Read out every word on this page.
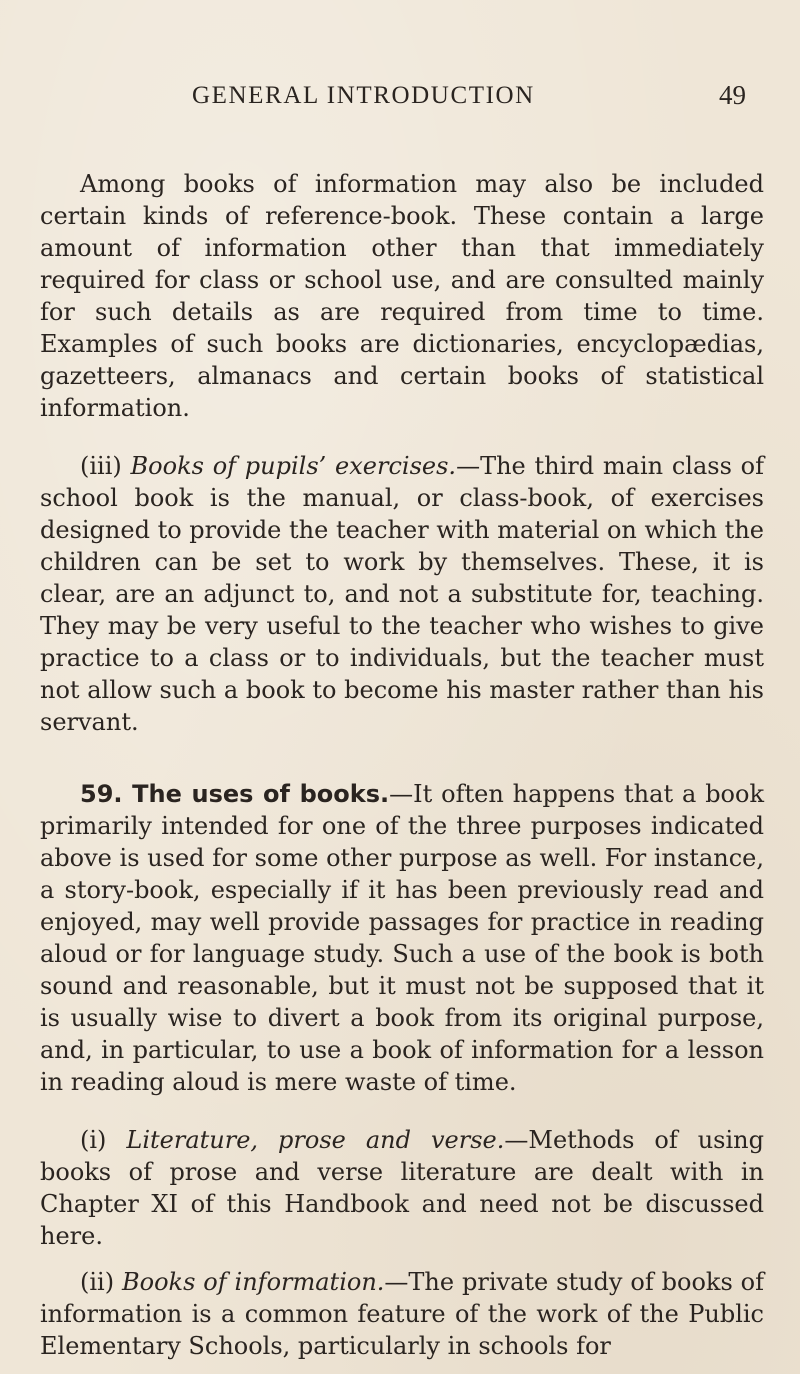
GENERAL INTRODUCTION	49

Among books of information may also be included certain kinds of reference-book. These contain a large amount of information other than that immediately required for class or school use, and are consulted mainly for such details as are required from time to time. Examples of such books are dictionaries, encyclopædias, gazetteers, almanacs and certain books of statistical information.

(iii) Books of pupils’ exercises.—The third main class of school book is the manual, or class-book, of exercises designed to provide the teacher with material on which the children can be set to work by themselves. These, it is clear, are an adjunct to, and not a substitute for, teaching. They may be very useful to the teacher who wishes to give practice to a class or to individuals, but the teacher must not allow such a book to become his master rather than his servant.

59. The uses of books.—It often happens that a book primarily intended for one of the three purposes indicated above is used for some other purpose as well. For instance, a story-book, especially if it has been previously read and enjoyed, may well provide passages for practice in reading aloud or for language study. Such a use of the book is both sound and reasonable, but it must not be supposed that it is usually wise to divert a book from its original purpose, and, in particular, to use a book of information for a lesson in reading aloud is mere waste of time.

(i) Literature, prose and verse.—Methods of using books of prose and verse literature are dealt with in Chapter XI of this Handbook and need not be discussed here.

(ii) Books of information.—The private study of books of information is a common feature of the work of the Public Elementary Schools, particularly in schools for
